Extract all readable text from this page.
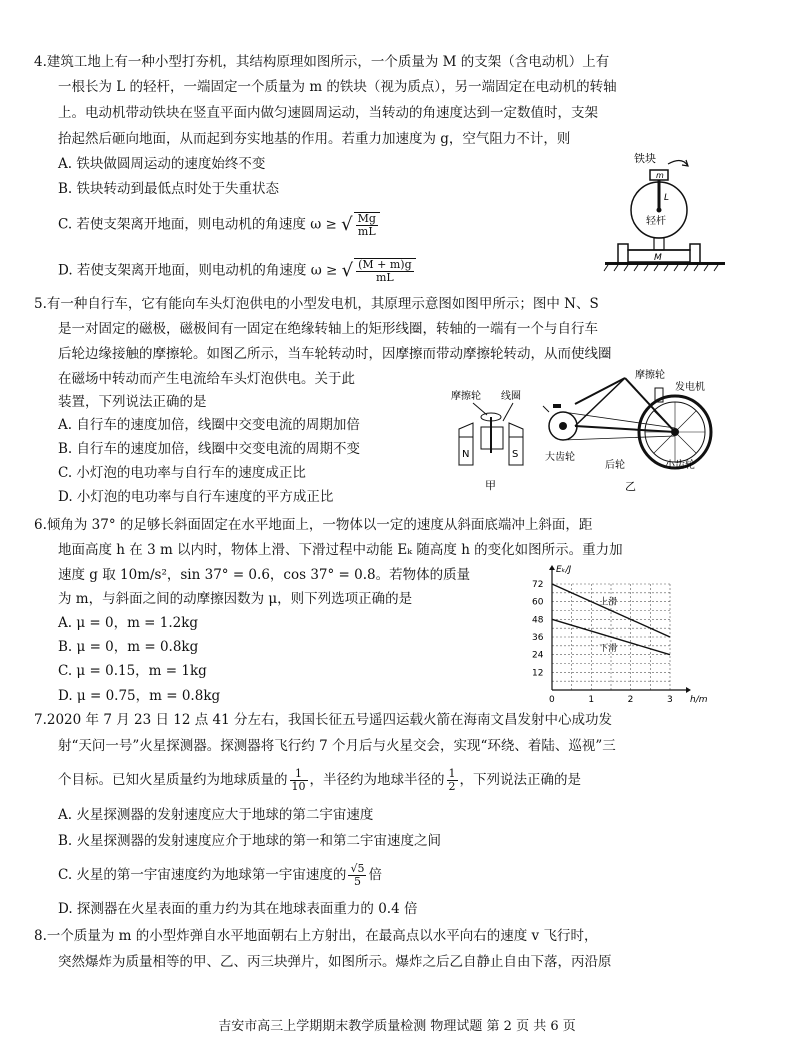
4.建筑工地上有一种小型打夯机，其结构原理如图所示，一个质量为 M 的支架（含电动机）上有
一根长为 L 的轻杆，一端固定一个质量为 m 的铁块（视为质点），另一端固定在电动机的转轴
上。电动机带动铁块在竖直平面内做匀速圆周运动，当转动的角速度达到一定数值时，支架
抬起然后砸向地面，从而起到夯实地基的作用。若重力加速度为 g，空气阻力不计，则
A. 铁块做圆周运动的速度始终不变
B. 铁块转动到最低点时处于失重状态
C. 若使支架离开地面，则电动机的角速度 ω ≥ √ $\frac{Mg}{mL}$
D. 若使支架离开地面，则电动机的角速度 ω ≥ √ $\frac{(M + m)g}{mL}$
M
m
L
轻杆
铁块
5.有一种自行车，它有能向车头灯泡供电的小型发电机，其原理示意图如图甲所示；图中 N、S
是一对固定的磁极，磁极间有一固定在绝缘转轴上的矩形线圈，转轴的一端有一个与自行车
后轮边缘接触的摩擦轮。如图乙所示，当车轮转动时，因摩擦而带动摩擦轮转动，从而使线圈
在磁场中转动而产生电流给车头灯泡供电。关于此
装置，下列说法正确的是
A. 自行车的速度加倍，线圈中交变电流的周期加倍
B. 自行车的速度加倍，线圈中交变电流的周期不变
C. 小灯泡的电功率与自行车的速度成正比
D. 小灯泡的电功率与自行车速度的平方成正比
摩擦轮 线圈
N	S
甲
摩擦轮
发电机
大齿轮
后轮	小齿轮
乙
6.倾角为 37° 的足够长斜面固定在水平地面上，一物体以一定的速度从斜面底端冲上斜面，距
地面高度 h 在 3 m 以内时，物体上滑、下滑过程中动能 Eₖ 随高度 h 的变化如图所示。重力加
速度 g 取 10m/s²，sin 37° = 0.6，cos 37° = 0.8。若物体的质量
为 m，与斜面之间的动摩擦因数为 μ，则下列选项正确的是
A. μ = 0，m = 1.2kg
B. μ = 0，m = 0.8kg
C. μ = 0.15，m = 1kg
D. μ = 0.75，m = 0.8kg	0	1	2	3
12
24
36
48
60
72
Eₖ/J
h/m
上滑
下滑
7.2020 年 7 月 23 日 12 点 41 分左右，我国长征五号遥四运载火箭在海南文昌发射中心成功发
射“天问一号”火星探测器。探测器将飞行约 7 个月后与火星交会，实现“环绕、着陆、巡视”三
个目标。已知火星质量约为地球质量的 $\frac{1}{10}$ ，半径约为地球半径的 $\frac{1}{2}$ ，下列说法正确的是
A. 火星探测器的发射速度应大于地球的第二宇宙速度
B. 火星探测器的发射速度应介于地球的第一和第二宇宙速度之间
C. 火星的第一宇宙速度约为地球第一宇宙速度的 $\frac{√5}{5}$ 倍
D. 探测器在火星表面的重力约为其在地球表面重力的 0.4 倍
8.一个质量为 m 的小型炸弹自水平地面朝右上方射出，在最高点以水平向右的速度 v 飞行时，
突然爆炸为质量相等的甲、乙、丙三块弹片，如图所示。爆炸之后乙自静止自由下落，丙沿原
吉安市高三上学期期末教学质量检测 物理试题 第 2 页 共 6 页
